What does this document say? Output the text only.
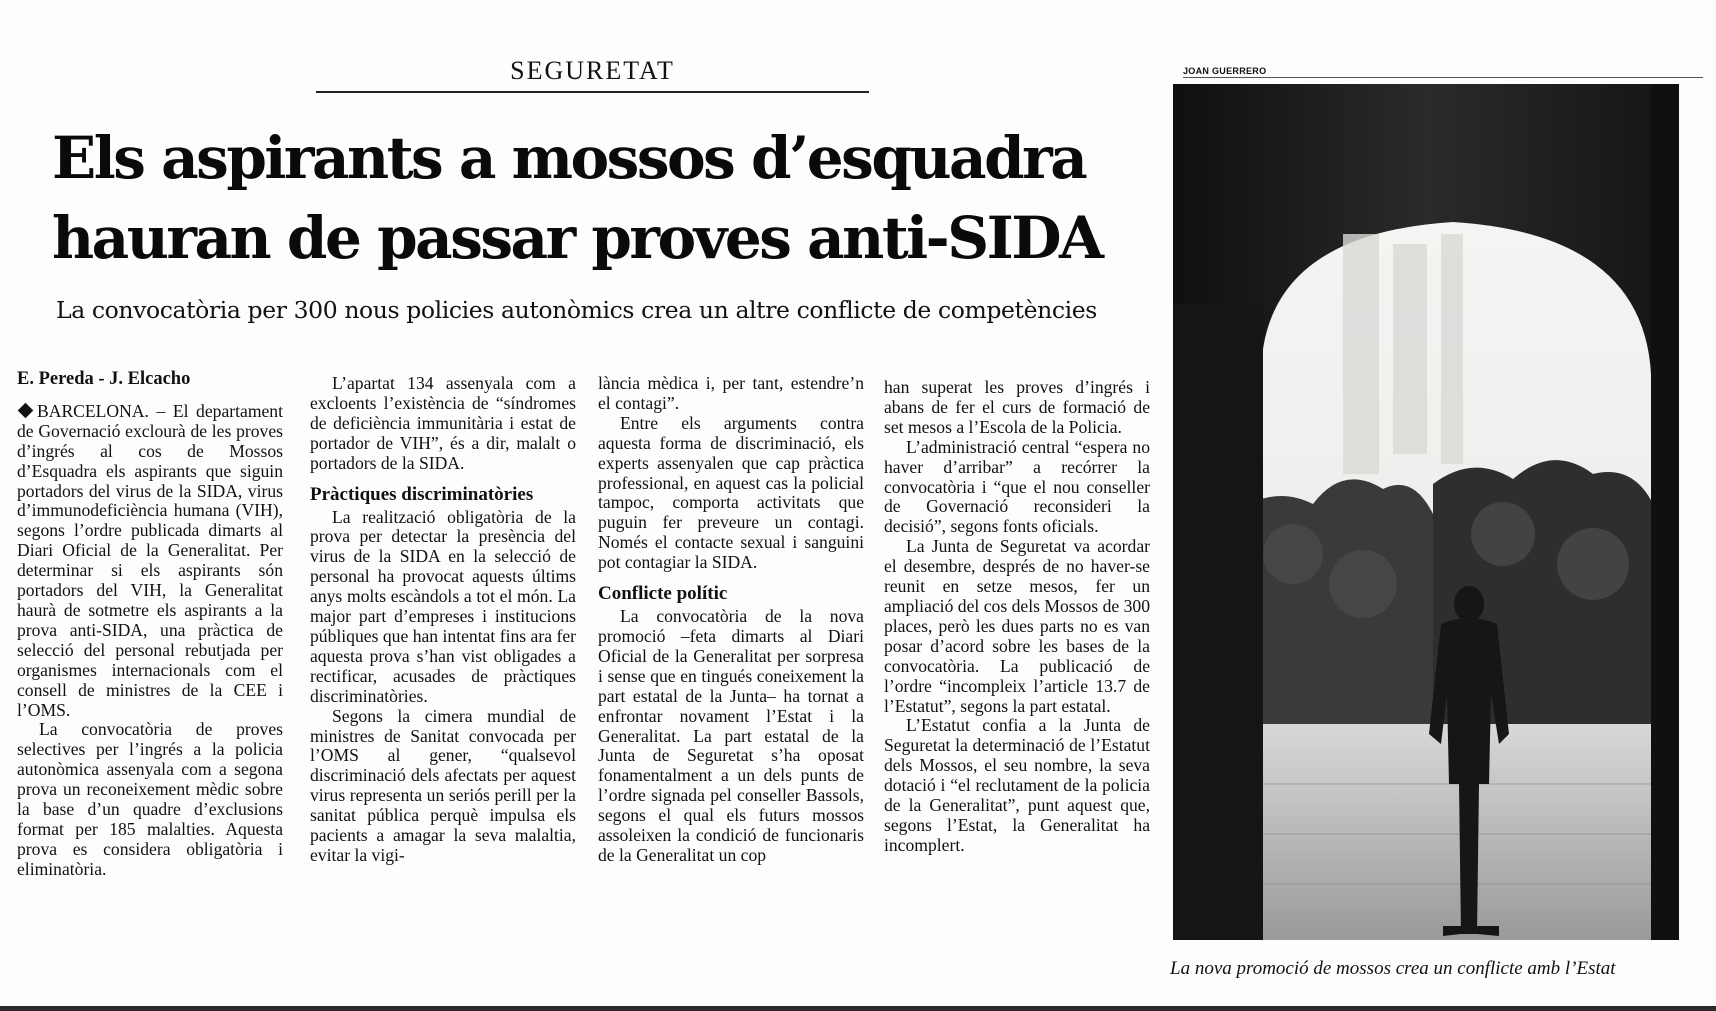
SEGURETAT
Els aspirants a mossos d’esquadra
hauran de passar proves anti-SIDA
La convocatòria per 300 nous policies autonòmics crea un altre conflicte de competències

E. Pereda - J. Elcacho

BARCELONA. – El departament de Governació exclourà de les proves d’ingrés al cos de Mossos d’Esquadra els aspirants que siguin portadors del virus de la SIDA, virus d’immunodeficiència humana (VIH), segons l’ordre publicada dimarts al Diari Oficial de la Generalitat. Per determinar si els aspirants són portadors del VIH, la Generalitat haurà de sotmetre els aspirants a la prova anti-SIDA, una pràctica de selecció del personal rebutjada per organismes internacionals com el consell de ministres de la CEE i l’OMS.

La convocatòria de proves selectives per l’ingrés a la policia autonòmica assenyala com a segona prova un reconeixement mèdic sobre la base d’un quadre d’exclusions format per 185 malalties. Aquesta prova es considera obligatòria i eliminatòria.

L’apartat 134 assenyala com a excloents l’existència de “síndromes de deficiència immunitària i estat de portador de VIH”, és a dir, malalt o portadors de la SIDA.

Pràctiques discriminatòries

La realització obligatòria de la prova per detectar la presència del virus de la SIDA en la selecció de personal ha provocat aquests últims anys molts escàndols a tot el món. La major part d’empreses i institucions públiques que han intentat fins ara fer aquesta prova s’han vist obligades a rectificar, acusades de pràctiques discriminatòries.

Segons la cimera mundial de ministres de Sanitat convocada per l’OMS al gener, “qualsevol discriminació dels afectats per aquest virus representa un seriós perill per la sanitat pública perquè impulsa els pacients a amagar la seva malaltia, evitar la vigi-

lància mèdica i, per tant, estendre’n el contagi”.

Entre els arguments contra aquesta forma de discriminació, els experts assenyalen que cap pràctica professional, en aquest cas la policial tampoc, comporta activitats que puguin fer preveure un contagi. Només el contacte sexual i sanguini pot contagiar la SIDA.

Conflicte polític

La convocatòria de la nova promoció –feta dimarts al Diari Oficial de la Generalitat per sorpresa i sense que en tingués coneixement la part estatal de la Junta– ha tornat a enfrontar novament l’Estat i la Generalitat. La part estatal de la Junta de Seguretat s’ha oposat fonamentalment a un dels punts de l’ordre signada pel conseller Bassols, segons el qual els futurs mossos assoleixen la condició de funcionaris de la Generalitat un cop

han superat les proves d’ingrés i abans de fer el curs de formació de set mesos a l’Escola de la Policia.

L’administració central “espera no haver d’arribar” a recórrer la convocatòria i “que el nou conseller de Governació reconsideri la decisió”, segons fonts oficials.

La Junta de Seguretat va acordar el desembre, després de no haver-se reunit en setze mesos, fer un ampliació del cos dels Mossos de 300 places, però les dues parts no es van posar d’acord sobre les bases de la convocatòria. La publicació de l’ordre “incompleix l’article 13.7 de l’Estatut”, segons la part estatal.

L’Estatut confia a la Junta de Seguretat la determinació de l’Estatut dels Mossos, el seu nombre, la seva dotació i “el reclutament de la policia de la Generalitat”, punt aquest que, segons l’Estat, la Generalitat ha incomplert.

JOAN GUERRERO
La nova promoció de mossos crea un conflicte amb l’Estat
